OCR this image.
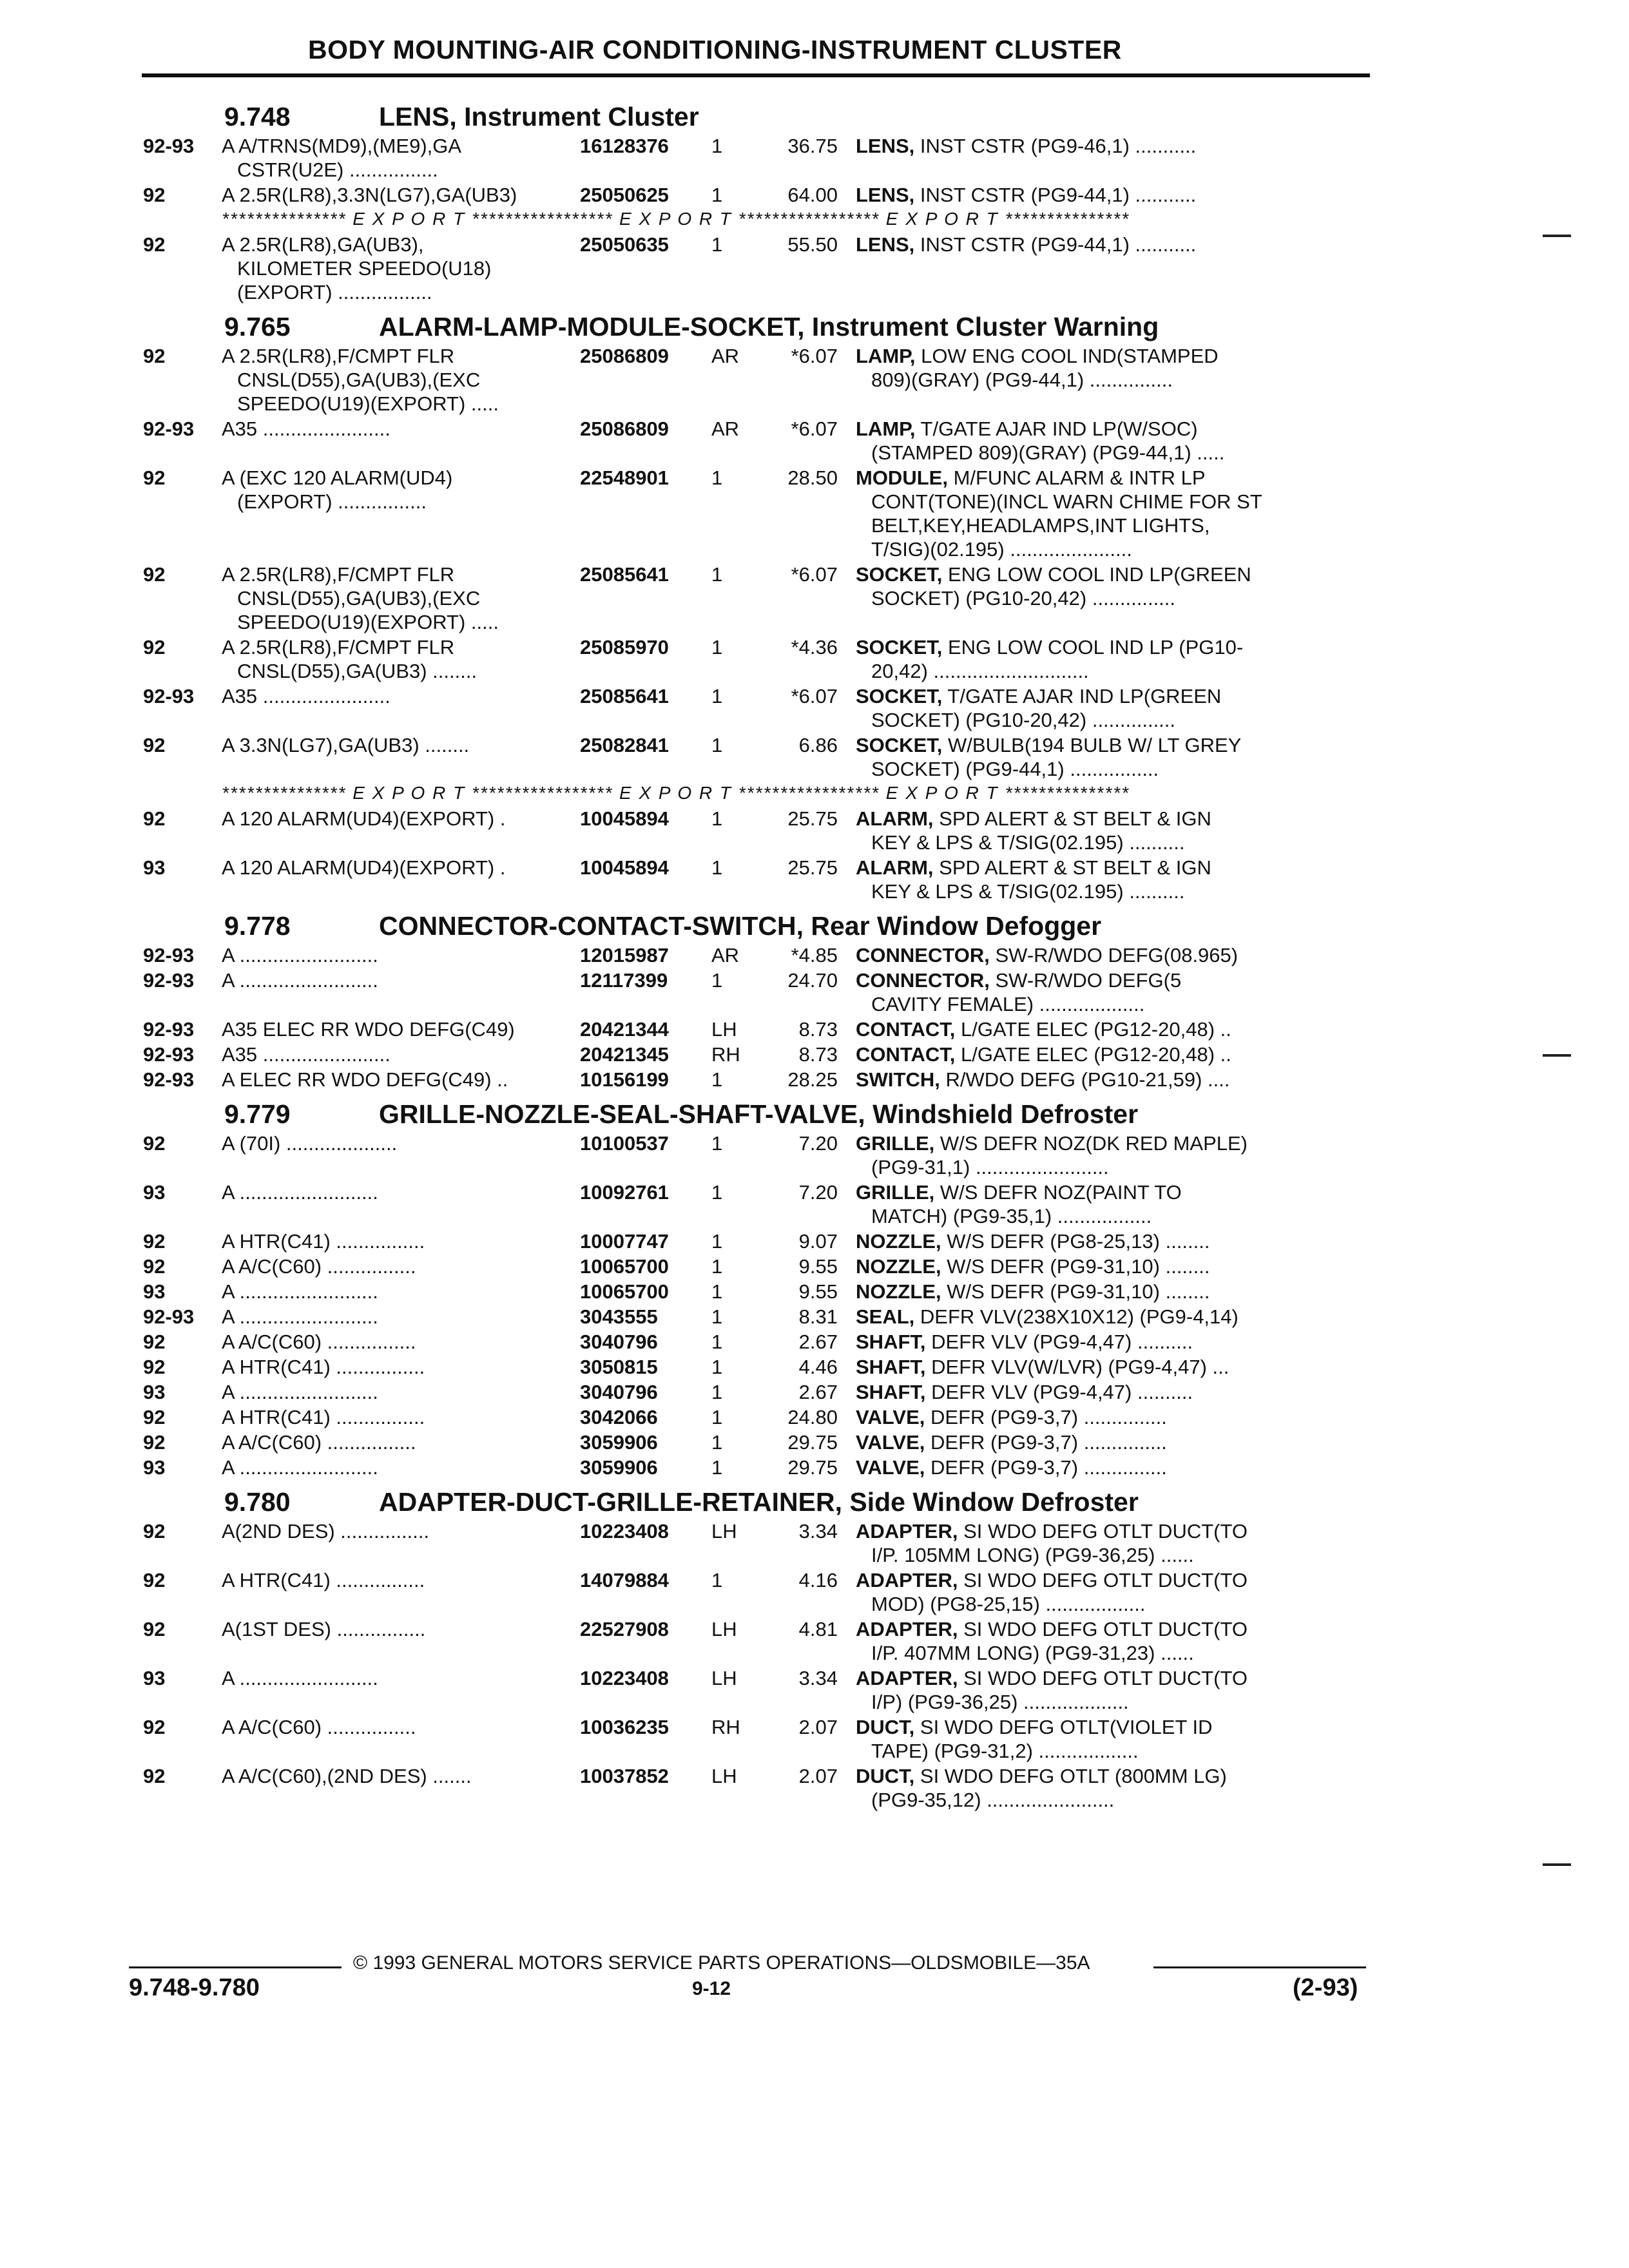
BODY MOUNTING-AIR CONDITIONING-INSTRUMENT CLUSTER
9.748	LENS, Instrument Cluster
92-93	A A/TRNS(MD9),(ME9),GA
CSTR(U2E) ................
16128376	1	36.75 LENS, INST CSTR (PG9-46,1) ...........
92	A 2.5R(LR8),3.3N(LG7),GA(UB3)	25050625	1	64.00 LENS, INST CSTR (PG9-44,1) ...........
*************** E X P O R T ***************** E X P O R T ***************** E X P O R T ***************
92	A 2.5R(LR8),GA(UB3),
KILOMETER SPEEDO(U18)
(EXPORT) .................
25050635	1	55.50 LENS, INST CSTR (PG9-44,1) ...........
9.765	ALARM-LAMP-MODULE-SOCKET, Instrument Cluster Warning
92	A 2.5R(LR8),F/CMPT FLR
CNSL(D55),GA(UB3),(EXC
SPEEDO(U19)(EXPORT) .....
25086809	AR	*6.07 LAMP, LOW ENG COOL IND(STAMPED
809)(GRAY) (PG9-44,1) ...............
92-93	A35 .......................	25086809	AR	*6.07 LAMP, T/GATE AJAR IND LP(W/SOC)
(STAMPED 809)(GRAY) (PG9-44,1) .....
92	A (EXC 120 ALARM(UD4)
(EXPORT) ................
22548901	1	28.50 MODULE, M/FUNC ALARM & INTR LP
CONT(TONE)(INCL WARN CHIME FOR ST
BELT,KEY,HEADLAMPS,INT LIGHTS,
T/SIG)(02.195) ......................
92	A 2.5R(LR8),F/CMPT FLR
CNSL(D55),GA(UB3),(EXC
SPEEDO(U19)(EXPORT) .....
25085641	1	*6.07 SOCKET, ENG LOW COOL IND LP(GREEN
SOCKET) (PG10-20,42) ...............
92	A 2.5R(LR8),F/CMPT FLR
CNSL(D55),GA(UB3) ........
25085970	1	*4.36 SOCKET, ENG LOW COOL IND LP (PG10-
20,42) ............................
92-93	A35 .......................	25085641	1	*6.07 SOCKET, T/GATE AJAR IND LP(GREEN
SOCKET) (PG10-20,42) ...............
92	A 3.3N(LG7),GA(UB3) ........	25082841	1	6.86 SOCKET, W/BULB(194 BULB W/ LT GREY
SOCKET) (PG9-44,1) ................
*************** E X P O R T ***************** E X P O R T ***************** E X P O R T ***************
92	A 120 ALARM(UD4)(EXPORT) .	10045894	1	25.75 ALARM, SPD ALERT & ST BELT & IGN
KEY & LPS & T/SIG(02.195) ..........
93	A 120 ALARM(UD4)(EXPORT) .	10045894	1	25.75 ALARM, SPD ALERT & ST BELT & IGN
KEY & LPS & T/SIG(02.195) ..........
9.778	CONNECTOR-CONTACT-SWITCH, Rear Window Defogger
92-93	A .........................	12015987	AR	*4.85 CONNECTOR, SW-R/WDO DEFG(08.965)
92-93	A .........................	12117399	1	24.70 CONNECTOR, SW-R/WDO DEFG(5
CAVITY FEMALE) ...................
92-93	A35 ELEC RR WDO DEFG(C49)	20421344	LH	8.73 CONTACT, L/GATE ELEC (PG12-20,48) ..
92-93	A35 .......................	20421345	RH	8.73 CONTACT, L/GATE ELEC (PG12-20,48) ..
92-93	A ELEC RR WDO DEFG(C49) ..	10156199	1	28.25 SWITCH, R/WDO DEFG (PG10-21,59) ....
9.779	GRILLE-NOZZLE-SEAL-SHAFT-VALVE, Windshield Defroster
92	A (70I) ....................	10100537	1	7.20 GRILLE, W/S DEFR NOZ(DK RED MAPLE)
(PG9-31,1) ........................
93	A .........................	10092761	1	7.20 GRILLE, W/S DEFR NOZ(PAINT TO
MATCH) (PG9-35,1) .................
92	A HTR(C41) ................	10007747	1	9.07 NOZZLE, W/S DEFR (PG8-25,13) ........
92	A A/C(C60) ................	10065700	1	9.55 NOZZLE, W/S DEFR (PG9-31,10) ........
93	A .........................	10065700	1	9.55 NOZZLE, W/S DEFR (PG9-31,10) ........
92-93	A .........................	3043555	1	8.31 SEAL, DEFR VLV(238X10X12) (PG9-4,14)
92	A A/C(C60) ................	3040796	1	2.67 SHAFT, DEFR VLV (PG9-4,47) ..........
92	A HTR(C41) ................	3050815	1	4.46 SHAFT, DEFR VLV(W/LVR) (PG9-4,47) ...
93	A .........................	3040796	1	2.67 SHAFT, DEFR VLV (PG9-4,47) ..........
92	A HTR(C41) ................	3042066	1	24.80 VALVE, DEFR (PG9-3,7) ...............
92	A A/C(C60) ................	3059906	1	29.75 VALVE, DEFR (PG9-3,7) ...............
93	A .........................	3059906	1	29.75 VALVE, DEFR (PG9-3,7) ...............
9.780	ADAPTER-DUCT-GRILLE-RETAINER, Side Window Defroster
92	A(2ND DES) ................	10223408	LH	3.34 ADAPTER, SI WDO DEFG OTLT DUCT(TO
I/P. 105MM LONG) (PG9-36,25) ......
92	A HTR(C41) ................	14079884	1	4.16 ADAPTER, SI WDO DEFG OTLT DUCT(TO
MOD) (PG8-25,15) ..................
92	A(1ST DES) ................	22527908	LH	4.81 ADAPTER, SI WDO DEFG OTLT DUCT(TO
I/P. 407MM LONG) (PG9-31,23) ......
93	A .........................	10223408	LH	3.34 ADAPTER, SI WDO DEFG OTLT DUCT(TO
I/P) (PG9-36,25) ...................
92	A A/C(C60) ................	10036235	RH	2.07 DUCT, SI WDO DEFG OTLT(VIOLET ID
TAPE) (PG9-31,2) ..................
92	A A/C(C60),(2ND DES) .......	10037852	LH	2.07 DUCT, SI WDO DEFG OTLT (800MM LG)
(PG9-35,12) .......................
© 1993 GENERAL MOTORS SERVICE PARTS OPERATIONS—OLDSMOBILE—35A
9.748-9.780	9-12	(2-93)
